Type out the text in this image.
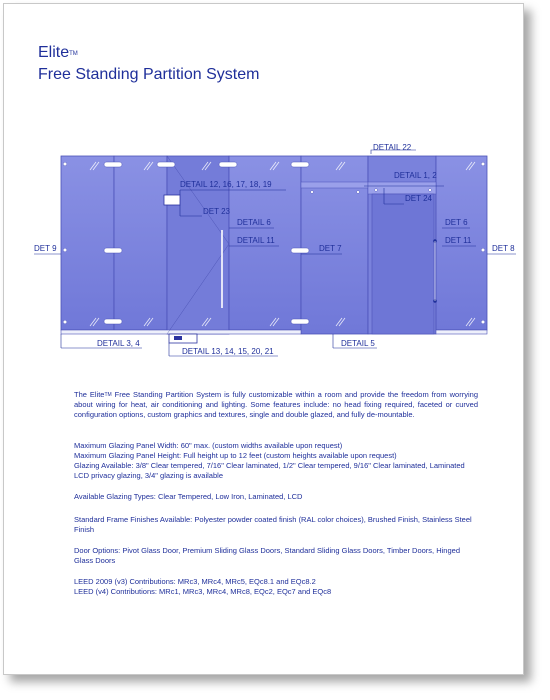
Elite™
Free Standing Partition System
DETAIL 22
DETAIL 1, 2
DET 24
DETAIL 12, 16, 17, 18, 19
DET 23
DETAIL 6
DETAIL 11
DET 6
DET 11
DET 9	DET 7	DET 8
DETAIL 3, 4
DETAIL 13, 14, 15, 20, 21
DETAIL 5

The Elite™ Free Standing Partition System is fully customizable within a room and provide the freedom from worrying about wiring for heat, air conditioning and lighting. Some features include: no head fixing required, faceted or curved configuration options, custom graphics and textures, single and double glazed, and fully de-mountable.

Maximum Glazing Panel Width: 60" max. (custom widths available upon request)

Maximum Glazing Panel Height: Full height up to 12 feet (custom heights available upon request)

Glazing Available: 3/8" Clear tempered, 7/16" Clear laminated, 1/2" Clear tempered, 9/16" Clear laminated, Laminated LCD privacy glazing, 3/4" glazing is available

Available Glazing Types: Clear Tempered, Low Iron, Laminated, LCD
Standard Frame Finishes Available: Polyester powder coated finish (RAL color choices), Brushed Finish, Stainless Steel Finish
Door Options: Pivot Glass Door, Premium Sliding Glass Doors, Standard Sliding Glass Doors, Timber Doors, Hinged Glass Doors

LEED 2009 (v3) Contributions: MRc3, MRc4, MRc5, EQc8.1 and EQc8.2

LEED (v4) Contributions: MRc1, MRc3, MRc4, MRc8, EQc2, EQc7 and EQc8
